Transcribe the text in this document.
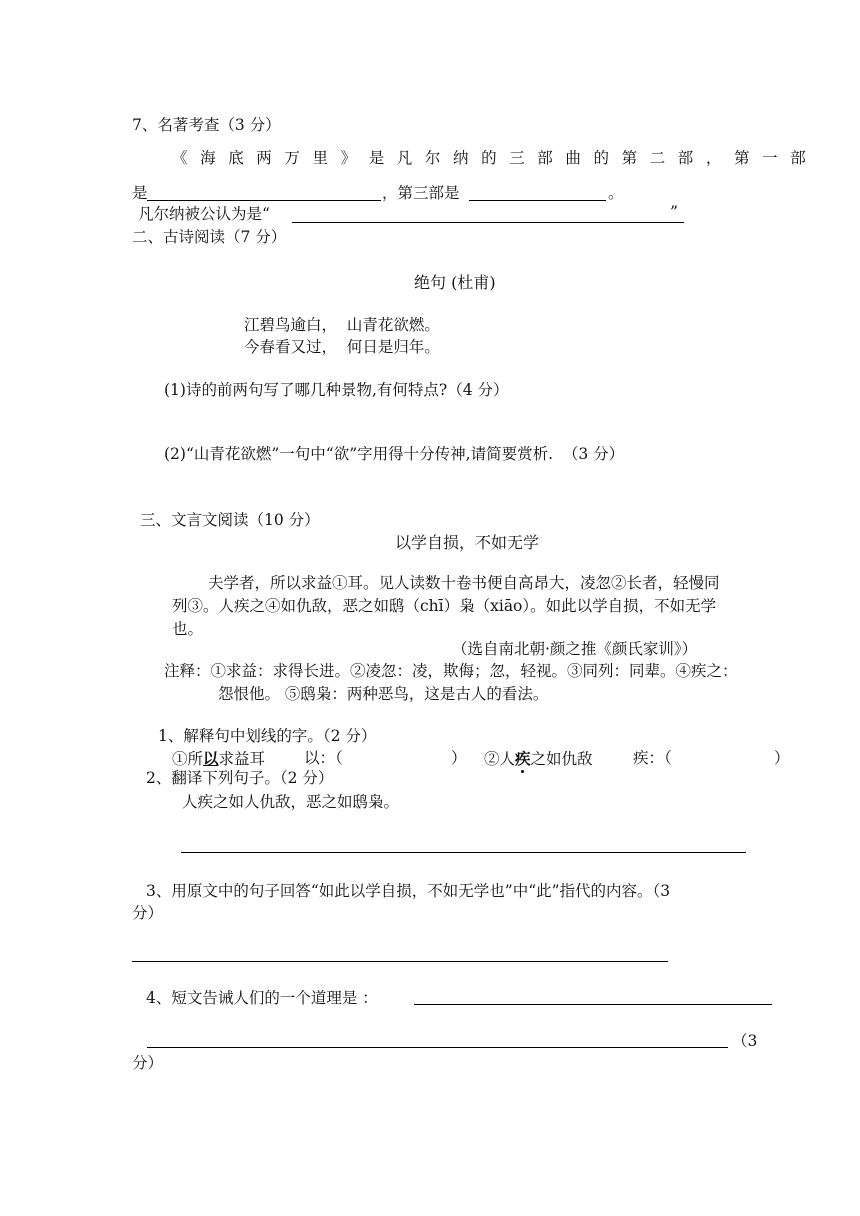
7、名著考查（3 分）
《海底两万里》是凡尔纳的三部曲的第二部，第一部
是	，第三部是	。
凡尔纳被公认为是“	”
二、古诗阅读（7 分）
绝句 (杜甫)
江碧鸟逾白，  山青花欲燃。
今春看又过，  何日是归年。
(1)诗的前两句写了哪几种景物,有何特点?（4 分）
(2)“山青花欲燃”一句中“欲”字用得十分传神,请简要赏析.  （3 分）
三、文言文阅读（10 分）
以学自损，不如无学
夫学者，所以求益①耳。见人读数十卷书便自高昂大，凌忽②长者，轻慢同
列③。人疾之④如仇敌，恶之如鸱（chī）枭（xiāo）。如此以学自损，不如无学
也。
（选自南北朝·颜之推《颜氏家训》）
注释：①求益：求得长进。②凌忽：凌，欺侮；忽，轻视。③同列：同辈。④疾之：
怨恨他。 ⑤鸱枭：两种恶鸟，这是古人的看法。
1、解释句中划线的字。（2 分）
①所以求益耳	以：（	） ②人疾之如仇敌	疾：（	）
2、翻译下列句子。（2 分）
人疾之如人仇敌，恶之如鸱枭。
3、用原文中的句子回答“如此以学自损，不如无学也”中“此”指代的内容。（3
分）
4、短文告诫人们的一个道理是 ：
（3
分）
